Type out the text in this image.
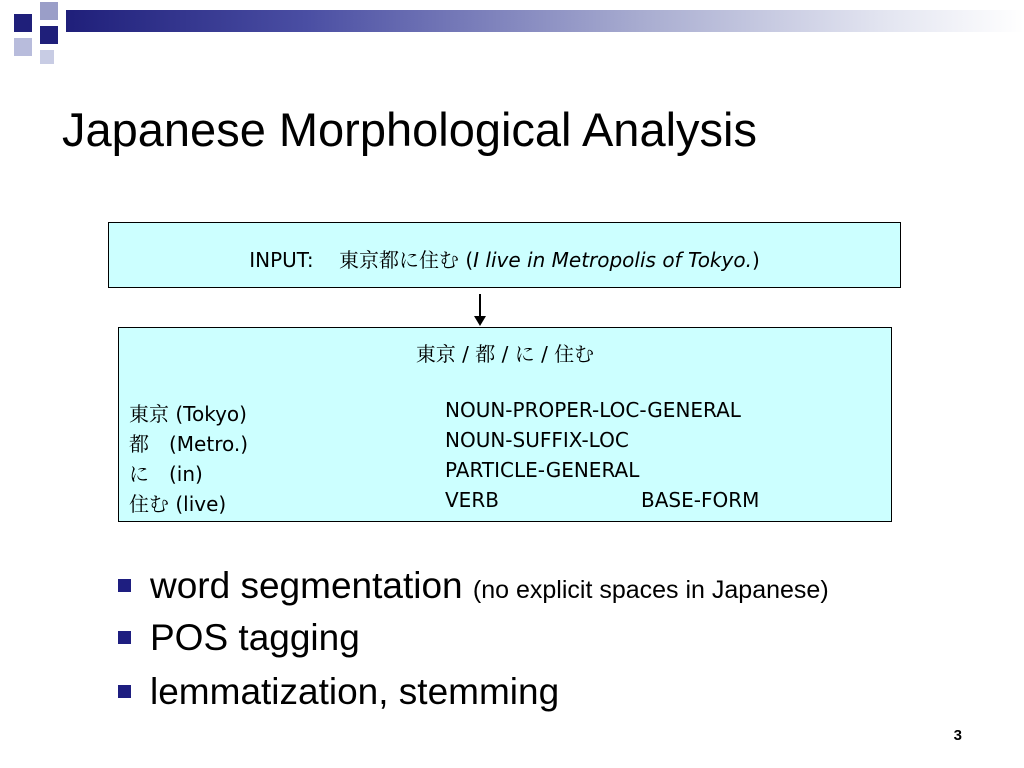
Japanese Morphological Analysis
INPUT: 東京都に住む (I live in Metropolis of Tokyo.)
東京 / 都 / に / 住む
東京 (Tokyo)	NOUN-PROPER-LOC-GENERAL
都　(Metro.)	NOUN-SUFFIX-LOC
に　(in)	PARTICLE-GENERAL
住む (live)	VERB	BASE-FORM
word segmentation (no explicit spaces in Japanese)
POS tagging
lemmatization, stemming
3
